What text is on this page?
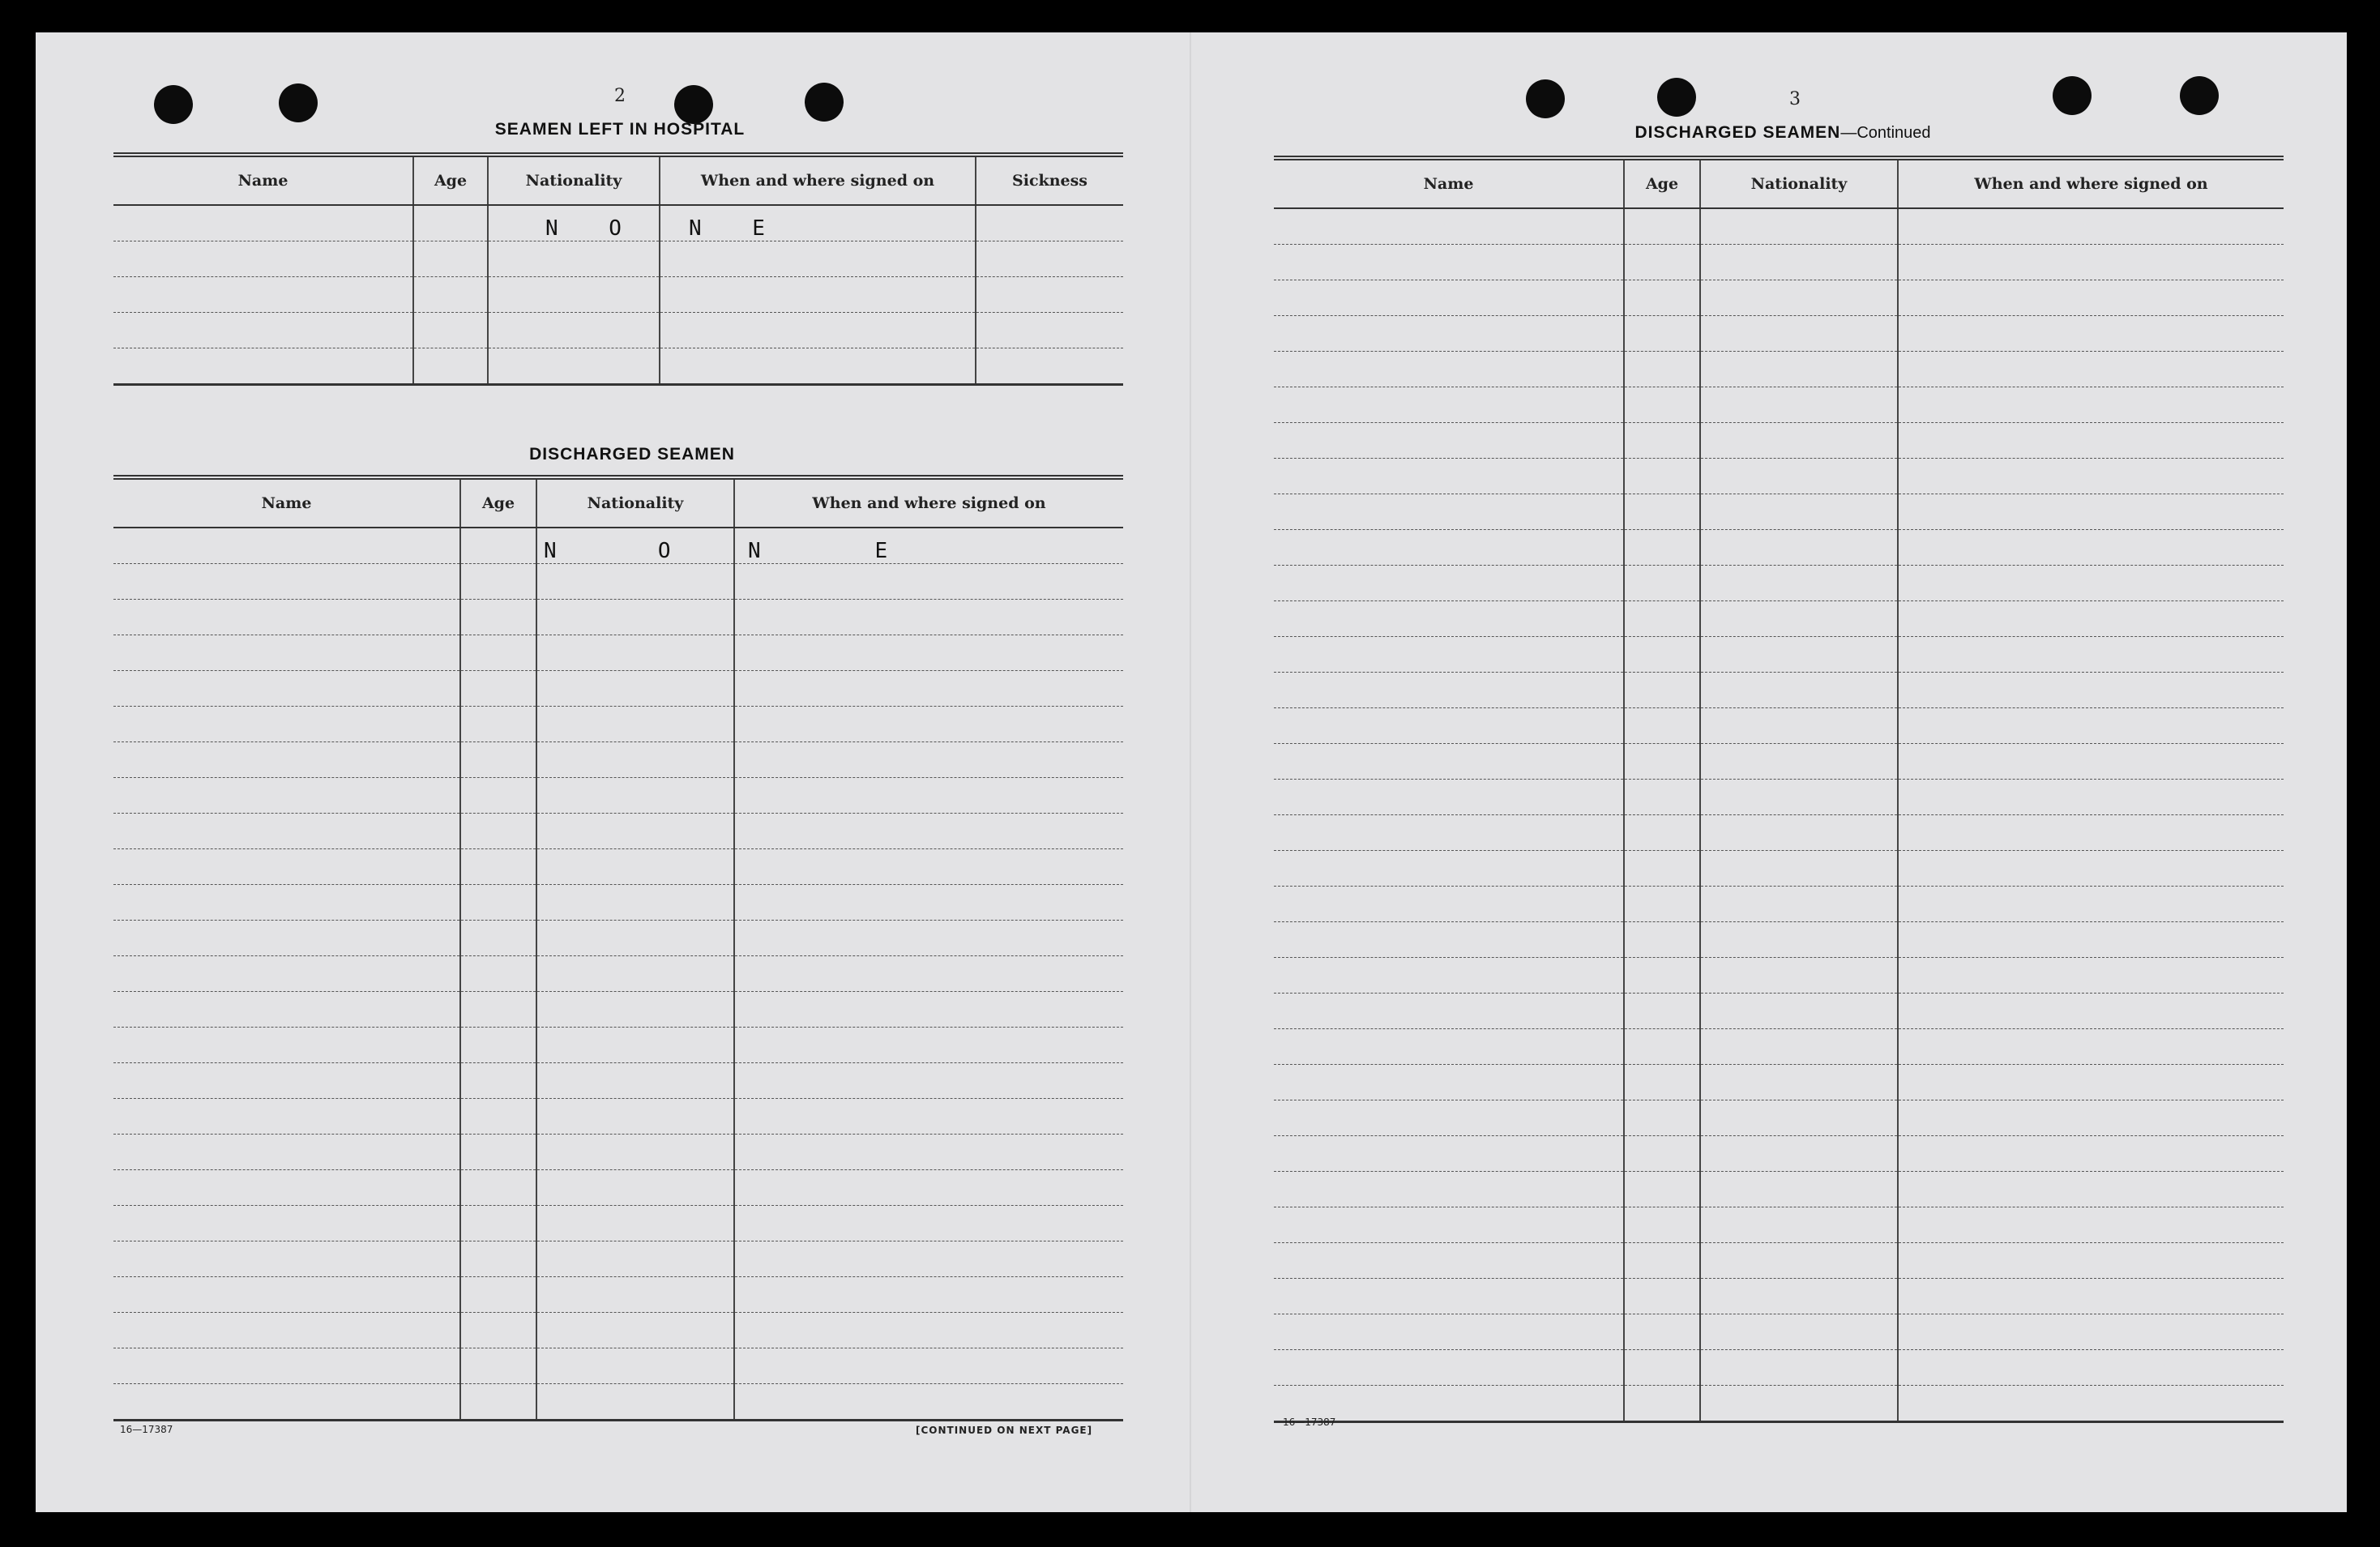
2
SEAMEN LEFT IN HOSPITAL
Name	Age	Nationality	When and where signed on	Sickness
		N    O	N    E	

DISCHARGED SEAMEN
Name	Age	Nationality	When and where signed on
		N        O	N         E

16—17387	[CONTINUED ON NEXT PAGE]
3
DISCHARGED SEAMEN—Continued
Name	Age	Nationality	When and where signed on

16—17387
